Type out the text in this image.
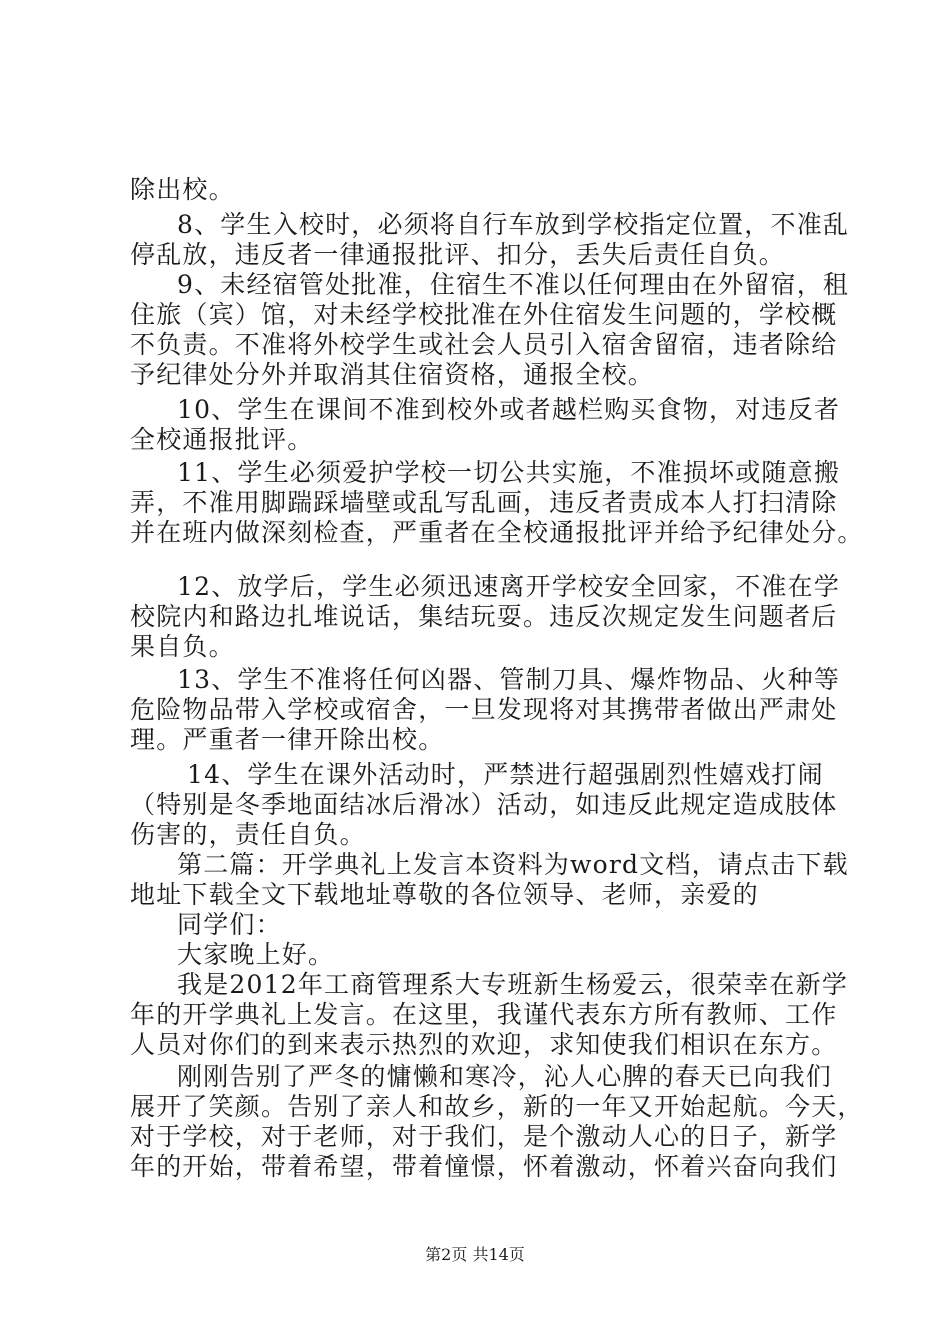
除出校。
8、学生入校时，必须将自行车放到学校指定位置，不准乱
停乱放，违反者一律通报批评、扣分，丢失后责任自负。
9、未经宿管处批准，住宿生不准以任何理由在外留宿，租
住旅（宾）馆，对未经学校批准在外住宿发生问题的，学校概
不负责。不准将外校学生或社会人员引入宿舍留宿，违者除给
予纪律处分外并取消其住宿资格，通报全校。
10、学生在课间不准到校外或者越栏购买食物，对违反者
全校通报批评。
11、学生必须爱护学校一切公共实施，不准损坏或随意搬
弄，不准用脚踹踩墙壁或乱写乱画，违反者责成本人打扫清除
并在班内做深刻检查，严重者在全校通报批评并给予纪律处分。
12、放学后，学生必须迅速离开学校安全回家，不准在学
校院内和路边扎堆说话，集结玩耍。违反次规定发生问题者后
果自负。
13、学生不准将任何凶器、管制刀具、爆炸物品、火种等
危险物品带入学校或宿舍，一旦发现将对其携带者做出严肃处
理。严重者一律开除出校。
14、学生在课外活动时，严禁进行超强剧烈性嬉戏打闹
（特别是冬季地面结冰后滑冰）活动，如违反此规定造成肢体
伤害的，责任自负。
第二篇：开学典礼上发言本资料为word文档，请点击下载
地址下载全文下载地址尊敬的各位领导、老师，亲爱的
同学们：
大家晚上好。
我是2012年工商管理系大专班新生杨爱云，很荣幸在新学
年的开学典礼上发言。在这里，我谨代表东方所有教师、工作
人员对你们的到来表示热烈的欢迎，求知使我们相识在东方。
刚刚告别了严冬的慵懒和寒冷，沁人心脾的春天已向我们
展开了笑颜。告别了亲人和故乡，新的一年又开始起航。今天，
对于学校，对于老师，对于我们，是个激动人心的日子，新学
年的开始，带着希望，带着憧憬，怀着激动，怀着兴奋向我们
第2页 共14页
